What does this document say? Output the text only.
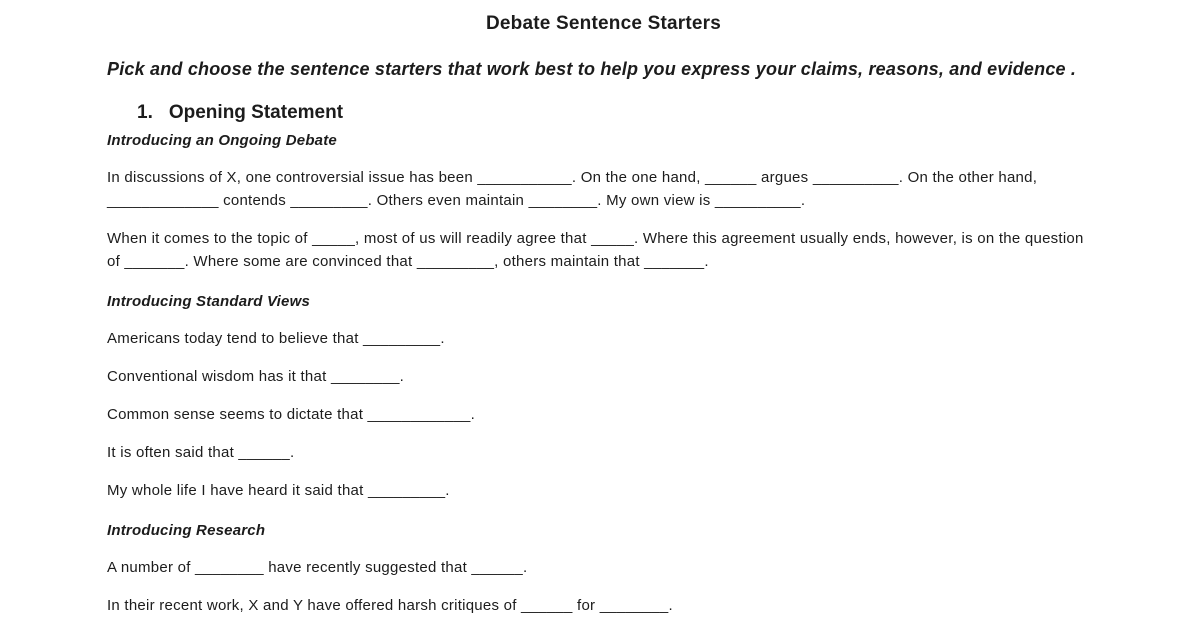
Debate Sentence Starters
Pick and choose the sentence starters that work best to help you express your claims, reasons, and evidence .
1. Opening Statement
Introducing an Ongoing Debate
In discussions of X, one controversial issue has been ___________. On the one hand, ______ argues __________. On the other hand,
_____________ contends _________. Others even maintain ________. My own view is __________.
When it comes to the topic of _____, most of us will readily agree that _____. Where this agreement usually ends, however, is on the question
of _______. Where some are convinced that _________, others maintain that _______.
Introducing Standard Views
Americans today tend to believe that _________.
Conventional wisdom has it that ________.
Common sense seems to dictate that ____________.
It is often said that ______.
My whole life I have heard it said that _________.
Introducing Research
A number of ________ have recently suggested that ______.
In their recent work, X and Y have offered harsh critiques of ______ for ________.
